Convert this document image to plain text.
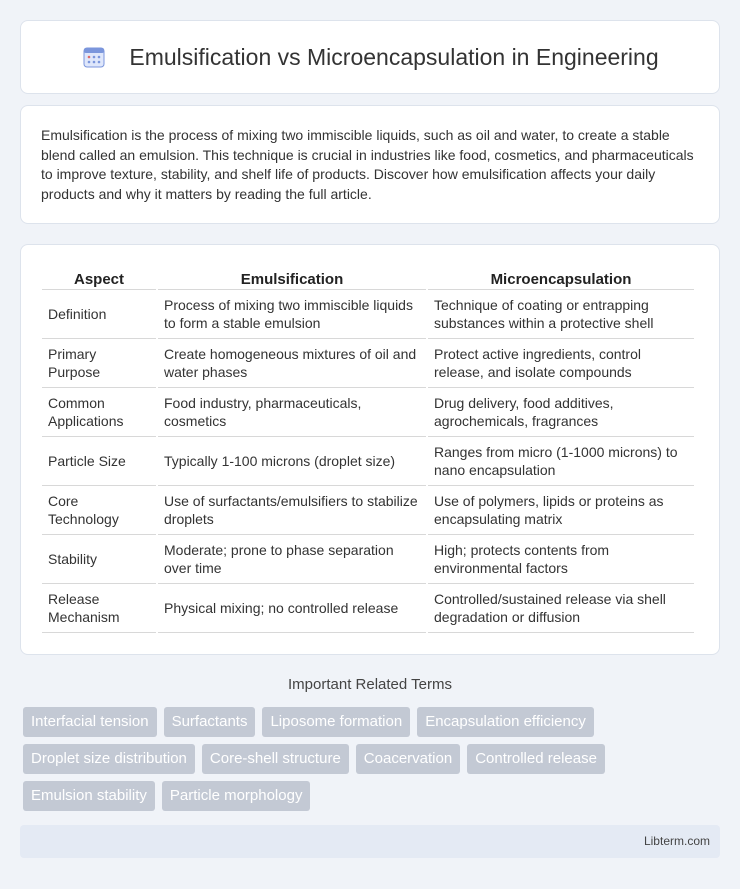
Emulsification vs Microencapsulation in Engineering

Emulsification is the process of mixing two immiscible liquids, such as oil and water, to create a stable blend called an emulsion. This technique is crucial in industries like food, cosmetics, and pharmaceuticals to improve texture, stability, and shelf life of products. Discover how emulsification affects your daily products and why it matters by reading the full article.

Aspect	Emulsification	Microencapsulation
Definition	Process of mixing two immiscible liquids to form a stable emulsion	Technique of coating or entrapping substances within a protective shell
Primary Purpose	Create homogeneous mixtures of oil and water phases	Protect active ingredients, control release, and isolate compounds
Common Applications	Food industry, pharmaceuticals, cosmetics	Drug delivery, food additives, agrochemicals, fragrances
Particle Size	Typically 1-100 microns (droplet size)	Ranges from micro (1-1000 microns) to nano encapsulation
Core Technology	Use of surfactants/emulsifiers to stabilize droplets	Use of polymers, lipids or proteins as encapsulating matrix
Stability	Moderate; prone to phase separation over time	High; protects contents from environmental factors
Release Mechanism	Physical mixing; no controlled release	Controlled/sustained release via shell degradation or diffusion
Important Related Terms
Interfacial tension	Surfactants	Liposome formation	Encapsulation efficiency
Droplet size distribution	Core-shell structure	Coacervation	Controlled release
Emulsion stability	Particle morphology
Libterm.com
